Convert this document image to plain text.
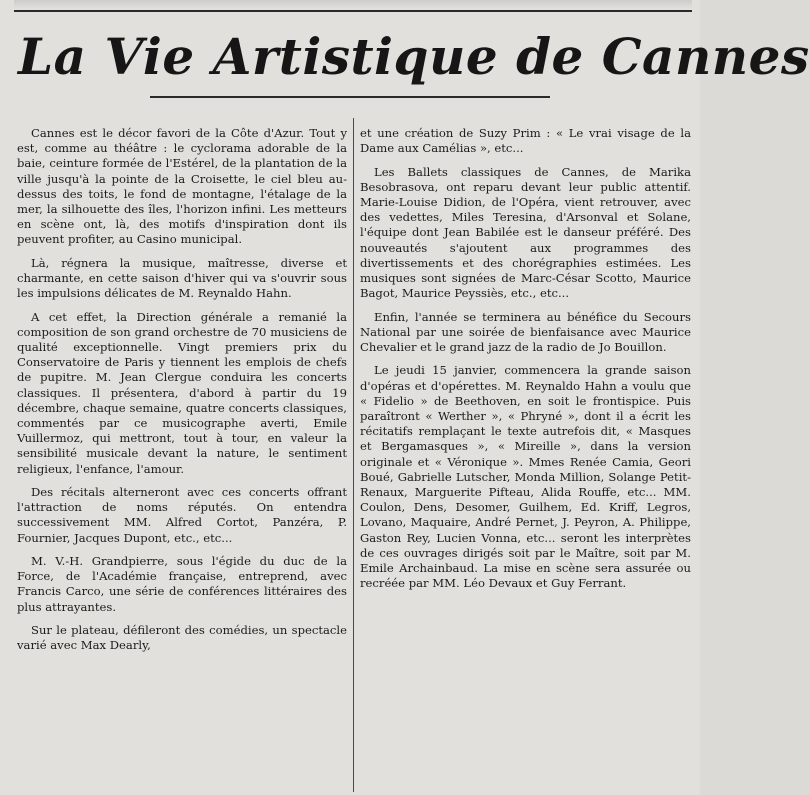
La Vie Artistique de Cannes

Cannes est le décor favori de la Côte d'Azur. Tout y est, comme au théâtre : le cyclorama adorable de la baie, ceinture formée de l'Estérel, de la plantation de la ville jusqu'à la pointe de la Croisette, le ciel bleu au-dessus des toits, le fond de montagne, l'étalage de la mer, la silhouette des îles, l'horizon infini. Les metteurs en scène ont, là, des motifs d'inspiration dont ils peuvent profiter, au Casino municipal.

Là, régnera la musique, maîtresse, diverse et charmante, en cette saison d'hiver qui va s'ouvrir sous les impulsions délicates de M. Reynaldo Hahn.

A cet effet, la Direction générale a remanié la composition de son grand orchestre de 70 musiciens de qualité exceptionnelle. Vingt premiers prix du Conservatoire de Paris y tiennent les emplois de chefs de pupitre. M. Jean Clergue conduira les concerts classiques. Il présentera, d'abord à partir du 19 décembre, chaque semaine, quatre concerts classiques, commentés par ce musicographe averti, Emile Vuillermoz, qui mettront, tout à tour, en valeur la sensibilité musicale devant la nature, le sentiment religieux, l'enfance, l'amour.

Des récitals alterneront avec ces concerts offrant l'attraction de noms réputés. On entendra successivement MM. Alfred Cortot, Panzéra, P. Fournier, Jacques Dupont, etc., etc...

M. V.-H. Grandpierre, sous l'égide du duc de la Force, de l'Académie française, entreprend, avec Francis Carco, une série de conférences littéraires des plus attrayantes.

Sur le plateau, défileront des comédies, un spectacle varié avec Max Dearly,

et une création de Suzy Prim : « Le vrai visage de la Dame aux Camélias », etc...

Les Ballets classiques de Cannes, de Marika Besobrasova, ont reparu devant leur public attentif. Marie-Louise Didion, de l'Opéra, vient retrouver, avec des vedettes, Miles Teresina, d'Arsonval et Solane, l'équipe dont Jean Babilée est le danseur préféré. Des nouveautés s'ajoutent aux programmes des divertissements et des chorégraphies estimées. Les musiques sont signées de Marc-César Scotto, Maurice Bagot, Maurice Peyssiès, etc., etc...

Enfin, l'année se terminera au bénéfice du Secours National par une soirée de bienfaisance avec Maurice Chevalier et le grand jazz de la radio de Jo Bouillon.

Le jeudi 15 janvier, commencera la grande saison d'opéras et d'opérettes. M. Reynaldo Hahn a voulu que « Fidelio » de Beethoven, en soit le frontispice. Puis paraîtront « Werther », « Phryné », dont il a écrit les récitatifs remplaçant le texte autrefois dit, « Masques et Bergamasques », « Mireille », dans la version originale et « Véronique ». Mmes Renée Camia, Geori Boué, Gabrielle Lutscher, Monda Million, Solange Petit-Renaux, Marguerite Pifteau, Alida Rouffe, etc... MM. Coulon, Dens, Desomer, Guilhem, Ed. Kriff, Legros, Lovano, Maquaire, André Pernet, J. Peyron, A. Philippe, Gaston Rey, Lucien Vonna, etc... seront les interprètes de ces ouvrages dirigés soit par le Maître, soit par M. Emile Archainbaud. La mise en scène sera assurée ou recréée par MM. Léo Devaux et Guy Ferrant.
